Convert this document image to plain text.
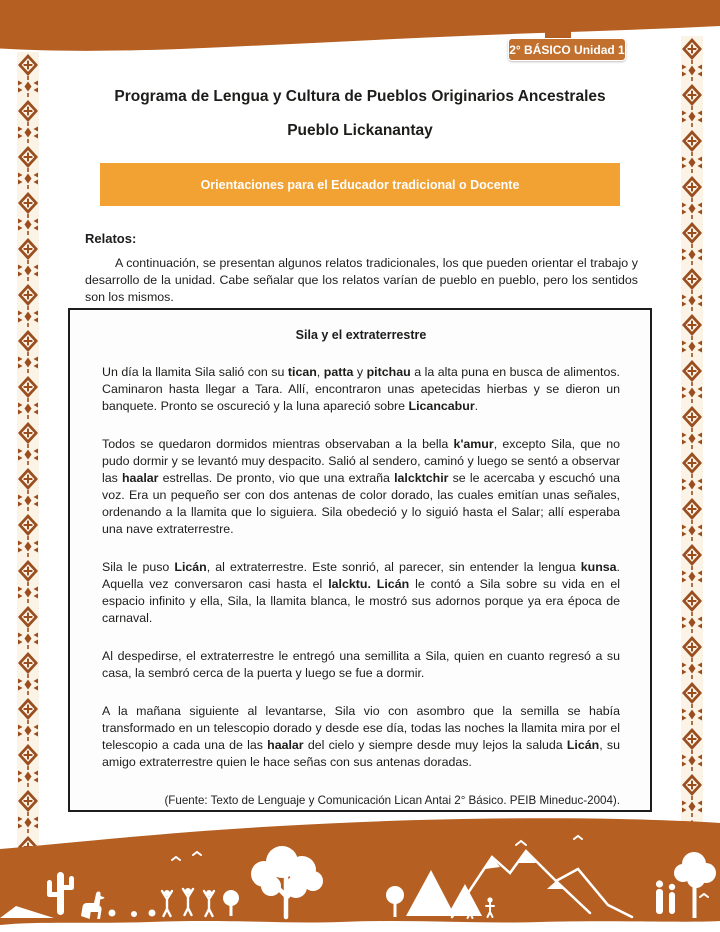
2° BÁSICO Unidad 1
Programa de Lengua y Cultura de Pueblos Originarios Ancestrales
Pueblo Lickanantay
Orientaciones para el Educador tradicional o Docente
Relatos:
A continuación, se presentan algunos relatos tradicionales, los que pueden orientar el trabajo y desarrollo de la unidad. Cabe señalar que los relatos varían de pueblo en pueblo, pero los sentidos son los mismos.
Sila y el extraterrestre

Un día la llamita Sila salió con su tican, patta y pitchau a la alta puna en busca de alimentos. Caminaron hasta llegar a Tara. Allí, encontraron unas apetecidas hierbas y se dieron un banquete. Pronto se oscureció y la luna apareció sobre Licancabur.

Todos se quedaron dormidos mientras observaban a la bella k'amur, excepto Sila, que no pudo dormir y se levantó muy despacito. Salió al sendero, caminó y luego se sentó a observar las haalar estrellas. De pronto, vio que una extraña lalcktchir se le acercaba y escuchó una voz. Era un pequeño ser con dos antenas de color dorado, las cuales emitían unas señales, ordenando a la llamita que lo siguiera. Sila obedeció y lo siguió hasta el Salar; allí esperaba una nave extraterrestre.

Sila le puso Licán, al extraterrestre. Este sonrió, al parecer, sin entender la lengua kunsa. Aquella vez conversaron casi hasta el lalcktu. Licán le contó a Sila sobre su vida en el espacio infinito y ella, Sila, la llamita blanca, le mostró sus adornos porque ya era época de carnaval.

Al despedirse, el extraterrestre le entregó una semillita a Sila, quien en cuanto regresó a su casa, la sembró cerca de la puerta y luego se fue a dormir.

A la mañana siguiente al levantarse, Sila vio con asombro que la semilla se había transformado en un telescopio dorado y desde ese día, todas las noches la llamita mira por el telescopio a cada una de las haalar del cielo y siempre desde muy lejos la saluda Licán, su amigo extraterrestre quien le hace señas con sus antenas doradas.

(Fuente: Texto de Lenguaje y Comunicación Lican Antai 2° Básico. PEIB Mineduc-2004).
